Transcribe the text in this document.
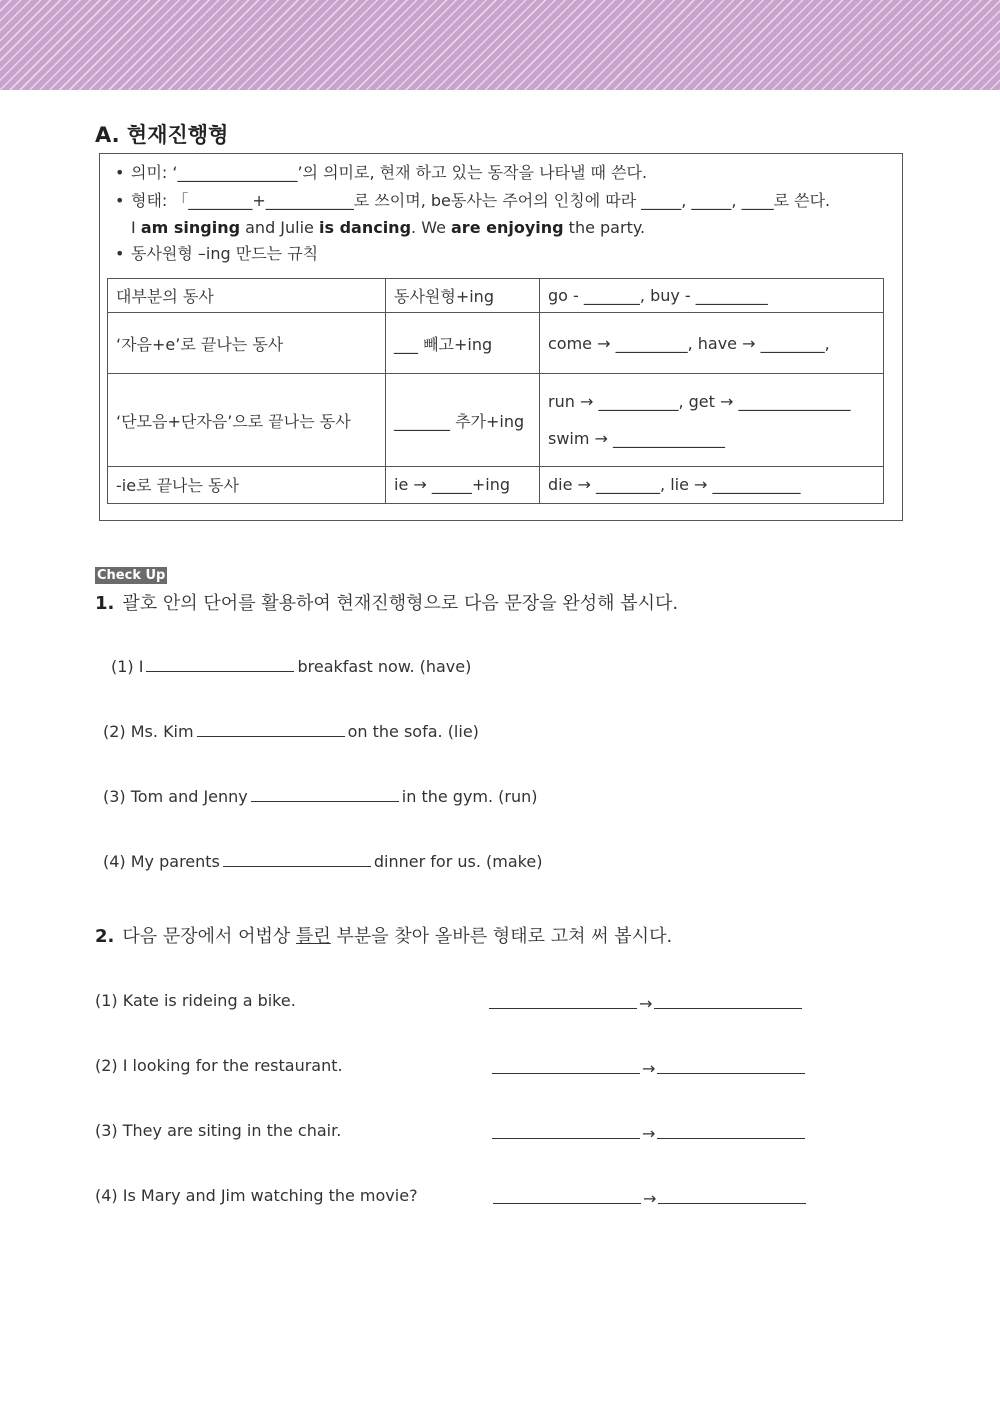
A. 현재진행형
• 의미: ‘_______________’의 의미로, 현재 하고 있는 동작을 나타낼 때 쓴다.
• 형태: 「________+___________로 쓰이며, be동사는 주어의 인칭에 따라 _____, _____, ____로 쓴다.
I am singing and Julie is dancing. We are enjoying the party.
• 동사원형 –ing 만드는 규칙
대부분의 동사	동사원형+ing	go - _______, buy - _________
‘자음+e’로 끝나는 동사	___ 빼고+ing	come → _________, have → ________,
‘단모음+단자음’으로 끝나는 동사	_______ 추가+ing	run → __________, get → ______________
swim → ______________

-ie로 끝나는 동사	ie → _____+ing	die → ________, lie → ___________
Check Up
1. 괄호 안의 단어를 활용하여 현재진행형으로 다음 문장을 완성해 봅시다.
(1) I	breakfast now. (have)
(2) Ms. Kim	on the sofa. (lie)
(3) Tom and Jenny	in the gym. (run)
(4) My parents	dinner for us. (make)
2. 다음 문장에서 어법상 틀린 부분을 찾아 올바른 형태로 고쳐 써 봅시다.
(1) Kate is rideing a bike.	→
(2) I looking for the restaurant.	→
(3) They are siting in the chair.	→
(4) Is Mary and Jim watching the movie?	→
